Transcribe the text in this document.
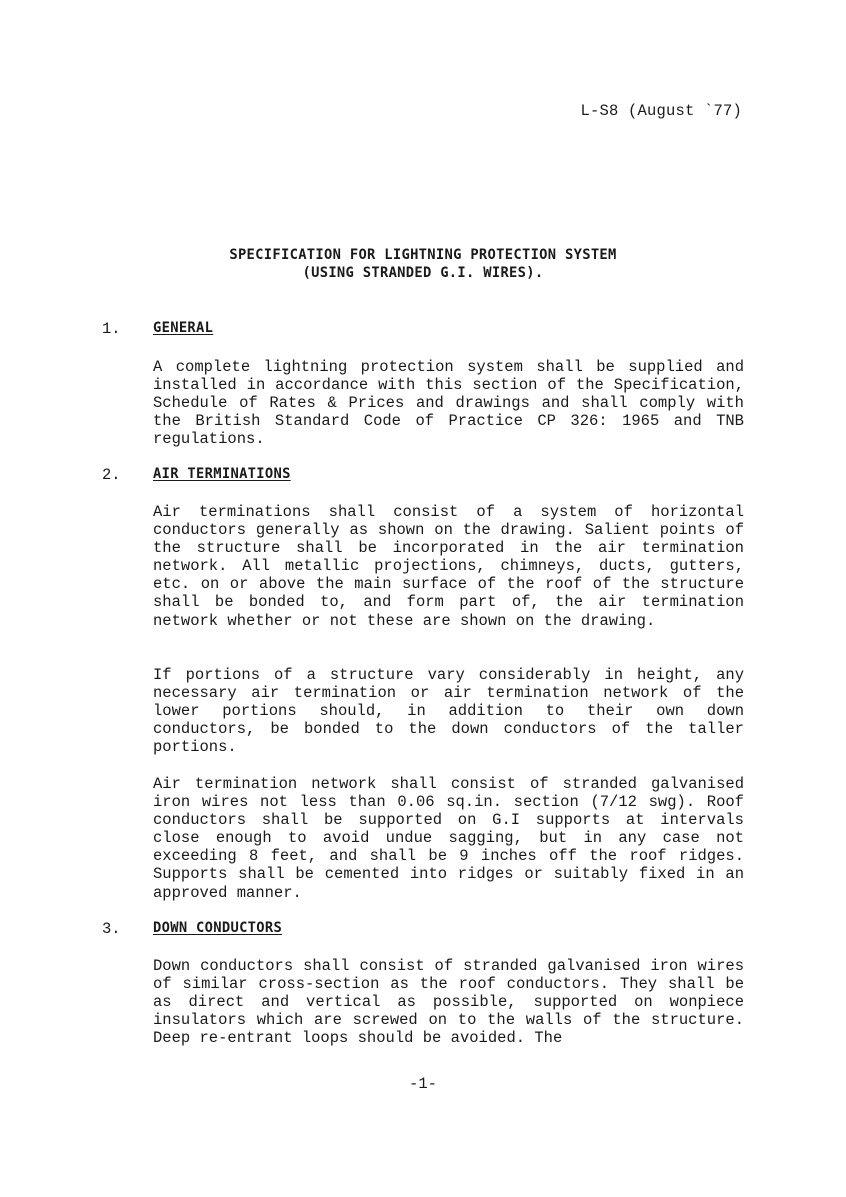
L-S8 (August `77)
SPECIFICATION FOR LIGHTNING PROTECTION SYSTEM
(USING STRANDED G.I. WIRES).
1. GENERAL
A complete lightning protection system shall be supplied and installed in accordance with this section of the Specification, Schedule of Rates & Prices and drawings and shall comply with the British Standard Code of Practice CP 326: 1965 and TNB regulations.
2. AIR TERMINATIONS
Air terminations shall consist of a system of horizontal conductors generally as shown on the drawing. Salient points of the structure shall be incorporated in the air termination network. All metallic projections, chimneys, ducts, gutters, etc. on or above the main surface of the roof of the structure shall be bonded to, and form part of, the air termination network whether or not these are shown on the drawing.
If portions of a structure vary considerably in height, any necessary air termination or air termination network of the lower portions should, in addition to their own down conductors, be bonded to the down conductors of the taller portions.
Air termination network shall consist of stranded galvanised iron wires not less than 0.06 sq.in. section (7/12 swg). Roof conductors shall be supported on G.I supports at intervals close enough to avoid undue sagging, but in any case not exceeding 8 feet, and shall be 9 inches off the roof ridges. Supports shall be cemented into ridges or suitably fixed in an approved manner.
3. DOWN CONDUCTORS
Down conductors shall consist of stranded galvanised iron wires of similar cross-section as the roof conductors. They shall be as direct and vertical as possible, supported on wonpiece insulators which are screwed on to the walls of the structure. Deep re-entrant loops should be avoided. The
-1-
